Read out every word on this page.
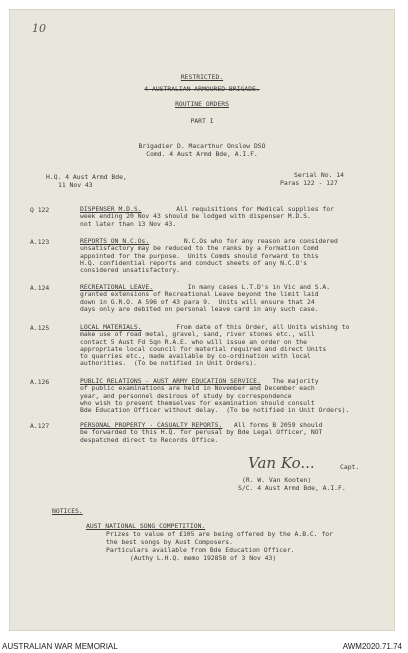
10
RESTRICTED.
4 AUSTRALIAN ARMOURED BRIGADE.
ROUTINE ORDERS
PART I
Brigadier D. Macarthur Onslow DSO
Comd. 4 Aust Armd Bde, A.I.F.
H.Q. 4 Aust Armd Bde,
11 Nov 43
Serial No. 14
Paras 122 - 127
Q 122	DISPENSER M.D.S.         All requisitions for Medical supplies for
week ending 20 Nov 43 should be lodged with dispenser M.D.S.
not later than 13 Nov 43.
A.123	REPORTS ON N.C.Os.         N.C.Os who for any reason are considered
unsatisfactory may be reduced to the ranks by a Formation Comd
appointed for the purpose.  Units Comds should forward to this
H.Q. confidential reports and conduct sheets of any N.C.O's
considered unsatisfactory.
A.124	RECREATIONAL LEAVE.         In many cases L.T.D's in Vic and S.A.
granted extensions of Recreational Leave beyond the limit laid
down in G.R.O. A 596 of 43 para 9.  Units will ensure that 24
days only are debited on personal leave card in any such case.
A.125	LOCAL MATERIALS.         From date of this Order, all Units wishing to
make use of road metal, gravel, sand, river stones etc., will
contact 5 Aust Fd Sqn R.A.E. who will issue an order on the
appropriate local council for material required and direct Units
to quarries etc., made available by co-ordination with local
authorities.  (To be notified in Unit Orders).
A.126	PUBLIC RELATIONS - AUST ARMY EDUCATION SERVICE.   The majority
of public examinations are held in November and December each
year, and personnel desirous of study by correspondence
who wish to present themselves for examination should consult
Bde Education Officer without delay.  (To be notified in Unit Orders).
A.127	PERSONAL PROPERTY - CASUALTY REPORTS.   All forms B 2059 should
be forwarded to this H.Q. for perusal by Bde Legal Officer, NOT
despatched direct to Records Office.
Van Ko...	Capt.
(R. W. Van Kooten)
S/C. 4 Aust Armd Bde, A.I.F.
NOTICES.
AUST NATIONAL SONG COMPETITION.
Prizes to value of £105 are being offered by the A.B.C. for
the best songs by Aust Composers.
Particulars available from Bde Education Officer.
(Authy L.H.Q. memo 192858 of 3 Nov 43)
AUSTRALIAN WAR MEMORIAL	AWM2020.71.74
